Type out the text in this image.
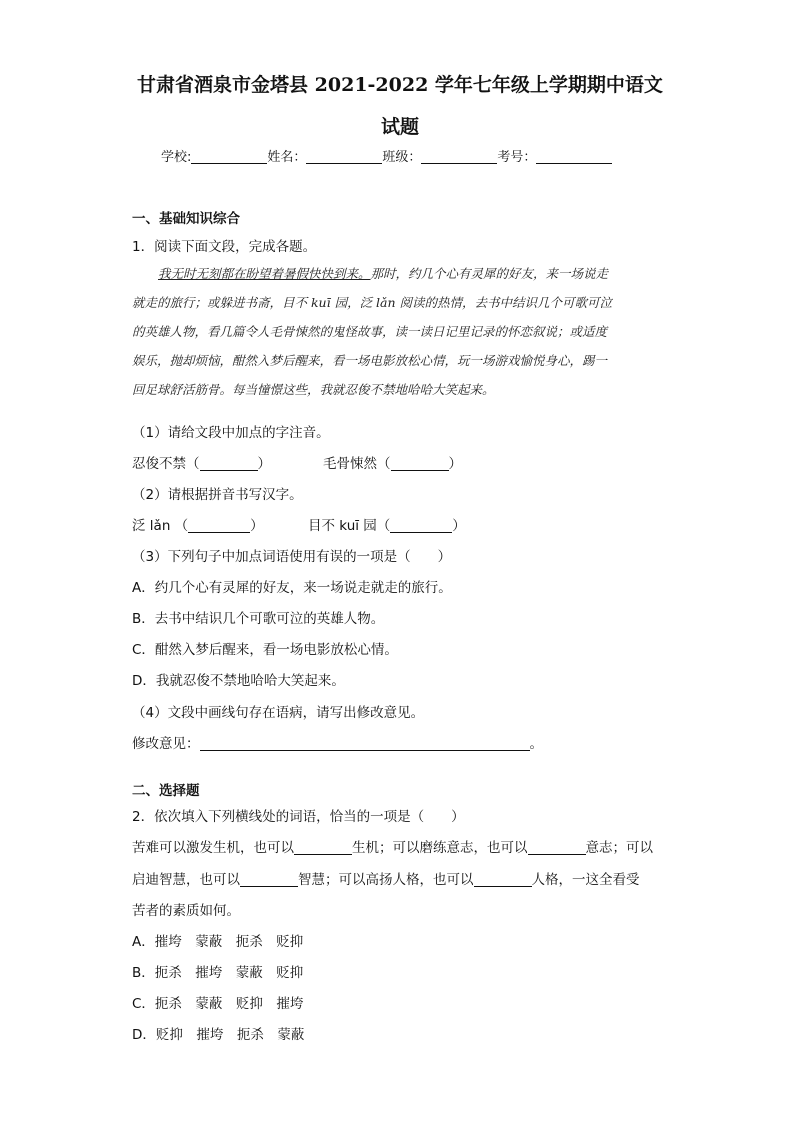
甘肃省酒泉市金塔县 2021-2022 学年七年级上学期期中语文
试题
学校:	姓名：	班级：	考号：
一、基础知识综合
1．阅读下面文段，完成各题。
我无时无刻都在盼望着暑假快快到来。那时，约几个心有灵犀的好友，来一场说走
就走的旅行；或躲进书斋，目不 kuī 园，泛 lǎn 阅读的热情，去书中结识几个可歌可泣
的英雄人物，看几篇令人毛骨悚然的鬼怪故事，读一读日记里记录的怀恋叙说；或适度
娱乐，抛却烦恼，酣然入梦后醒来，看一场电影放松心情，玩一场游戏愉悦身心，踢一
回足球舒活筋骨。每当憧憬这些，我就忍俊不禁地哈哈大笑起来。
（1）请给文段中加点的字注音。
忍俊不禁（	）	毛骨悚然（	）
（2）请根据拼音书写汉字。
泛 lǎn （	）	目不 kuī 园（	）
（3）下列句子中加点词语使用有误的一项是（　　）
A．约几个心有灵犀的好友，来一场说走就走的旅行。
B．去书中结识几个可歌可泣的英雄人物。
C．酣然入梦后醒来，看一场电影放松心情。
D．我就忍俊不禁地哈哈大笑起来。
（4）文段中画线句存在语病，请写出修改意见。
修改意见：	。
二、选择题
2．依次填入下列横线处的词语，恰当的一项是（　　）
苦难可以激发生机，也可以	生机；可以磨练意志，也可以	意志；可以
启迪智慧，也可以	智慧；可以高扬人格，也可以	人格，一这全看受
苦者的素质如何。
A．摧垮　蒙蔽　扼杀　贬抑
B．扼杀　摧垮　蒙蔽　贬抑
C．扼杀　蒙蔽　贬抑　摧垮
D．贬抑　摧垮　扼杀　蒙蔽
